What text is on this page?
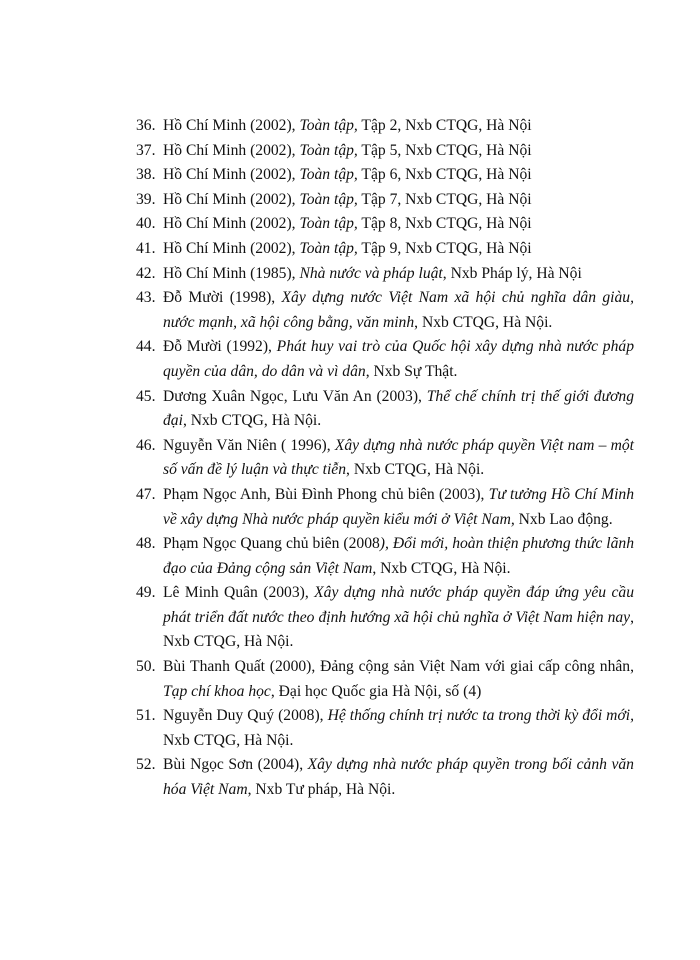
36. Hồ Chí Minh (2002), Toàn tập, Tập 2, Nxb CTQG, Hà Nội
37. Hồ Chí Minh (2002), Toàn tập, Tập 5, Nxb CTQG, Hà Nội
38. Hồ Chí Minh (2002), Toàn tập, Tập 6, Nxb CTQG, Hà Nội
39. Hồ Chí Minh (2002), Toàn tập, Tập 7, Nxb CTQG, Hà Nội
40. Hồ Chí Minh (2002), Toàn tập, Tập 8, Nxb CTQG, Hà Nội
41. Hồ Chí Minh (2002), Toàn tập, Tập 9, Nxb CTQG, Hà Nội
42. Hồ Chí Minh (1985), Nhà nước và pháp luật, Nxb Pháp lý, Hà Nội
43. Đỗ Mười (1998), Xây dựng nước Việt Nam xã hội chủ nghĩa dân giàu, nước mạnh, xã hội công bằng, văn minh, Nxb CTQG, Hà Nội.
44. Đỗ Mười (1992), Phát huy vai trò của Quốc hội xây dựng nhà nước pháp quyền của dân, do dân và vì dân, Nxb Sự Thật.
45. Dương Xuân Ngọc, Lưu Văn An (2003), Thể chế chính trị thế giới đương đại, Nxb CTQG, Hà Nội.
46. Nguyễn Văn Niên ( 1996), Xây dựng nhà nước pháp quyền Việt nam – một số vấn đề lý luận và thực tiễn, Nxb CTQG, Hà Nội.
47. Phạm Ngọc Anh, Bùi Đình Phong chủ biên (2003), Tư tưởng Hồ Chí Minh về xây dựng Nhà nước pháp quyền kiểu mới ở Việt Nam, Nxb Lao động.
48. Phạm Ngọc Quang chủ biên (2008), Đổi mới, hoàn thiện phương thức lãnh đạo của Đảng cộng sản Việt Nam, Nxb CTQG, Hà Nội.
49. Lê Minh Quân (2003), Xây dựng nhà nước pháp quyền đáp ứng yêu cầu phát triển đất nước theo định hướng xã hội chủ nghĩa ở Việt Nam hiện nay, Nxb CTQG, Hà Nội.
50. Bùi Thanh Quất (2000), Đảng cộng sản Việt Nam với giai cấp công nhân, Tạp chí khoa học, Đại học Quốc gia Hà Nội, số (4)
51. Nguyễn Duy Quý (2008), Hệ thống chính trị nước ta trong thời kỳ đổi mới, Nxb CTQG, Hà Nội.
52. Bùi Ngọc Sơn (2004), Xây dựng nhà nước pháp quyền trong bối cảnh văn hóa Việt Nam, Nxb Tư pháp, Hà Nội.
